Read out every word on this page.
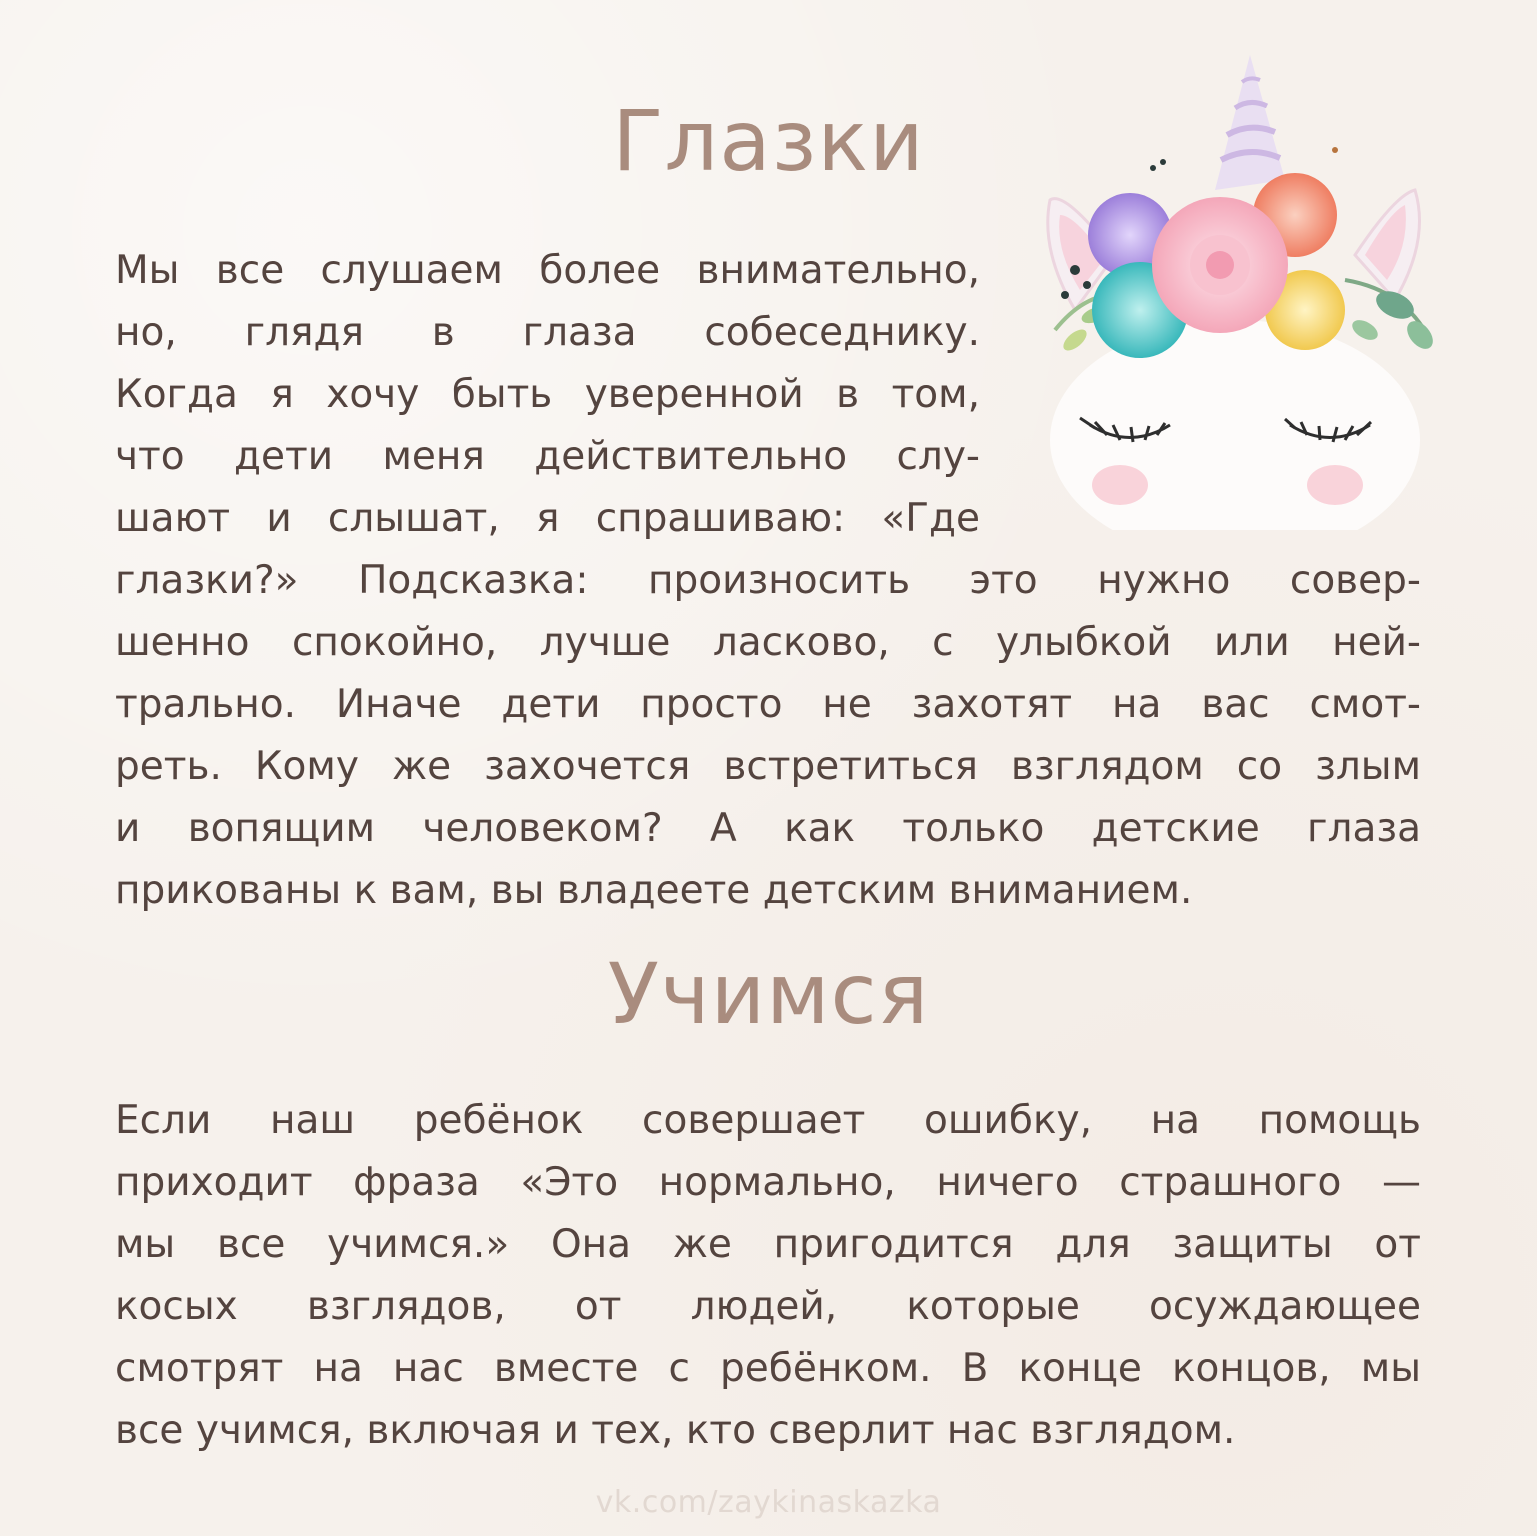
Глазки
Мы все слушаем более внимательно,
но, глядя в глаза собеседнику.
Когда я хочу быть уверенной в том,
что дети меня действительно слу-
шают и слышат, я спрашиваю: «Где
глазки?» Подсказка: произносить это нужно совер-
шенно спокойно, лучше ласково, с улыбкой или ней-
трально. Иначе дети просто не захотят на вас смот-
реть. Кому же захочется встретиться взглядом со злым
и вопящим человеком? А как только детские глаза
прикованы к вам, вы владеете детским вниманием.
Учимся
Если наш ребёнок совершает ошибку, на помощь
приходит фраза «Это нормально, ничего страшного —
мы все учимся.» Она же пригодится для защиты от
косых взглядов, от людей, которые осуждающее
смотрят на нас вместе с ребёнком. В конце концов, мы
все учимся, включая и тех, кто сверлит нас взглядом.
vk.com/zaykinaskazka
